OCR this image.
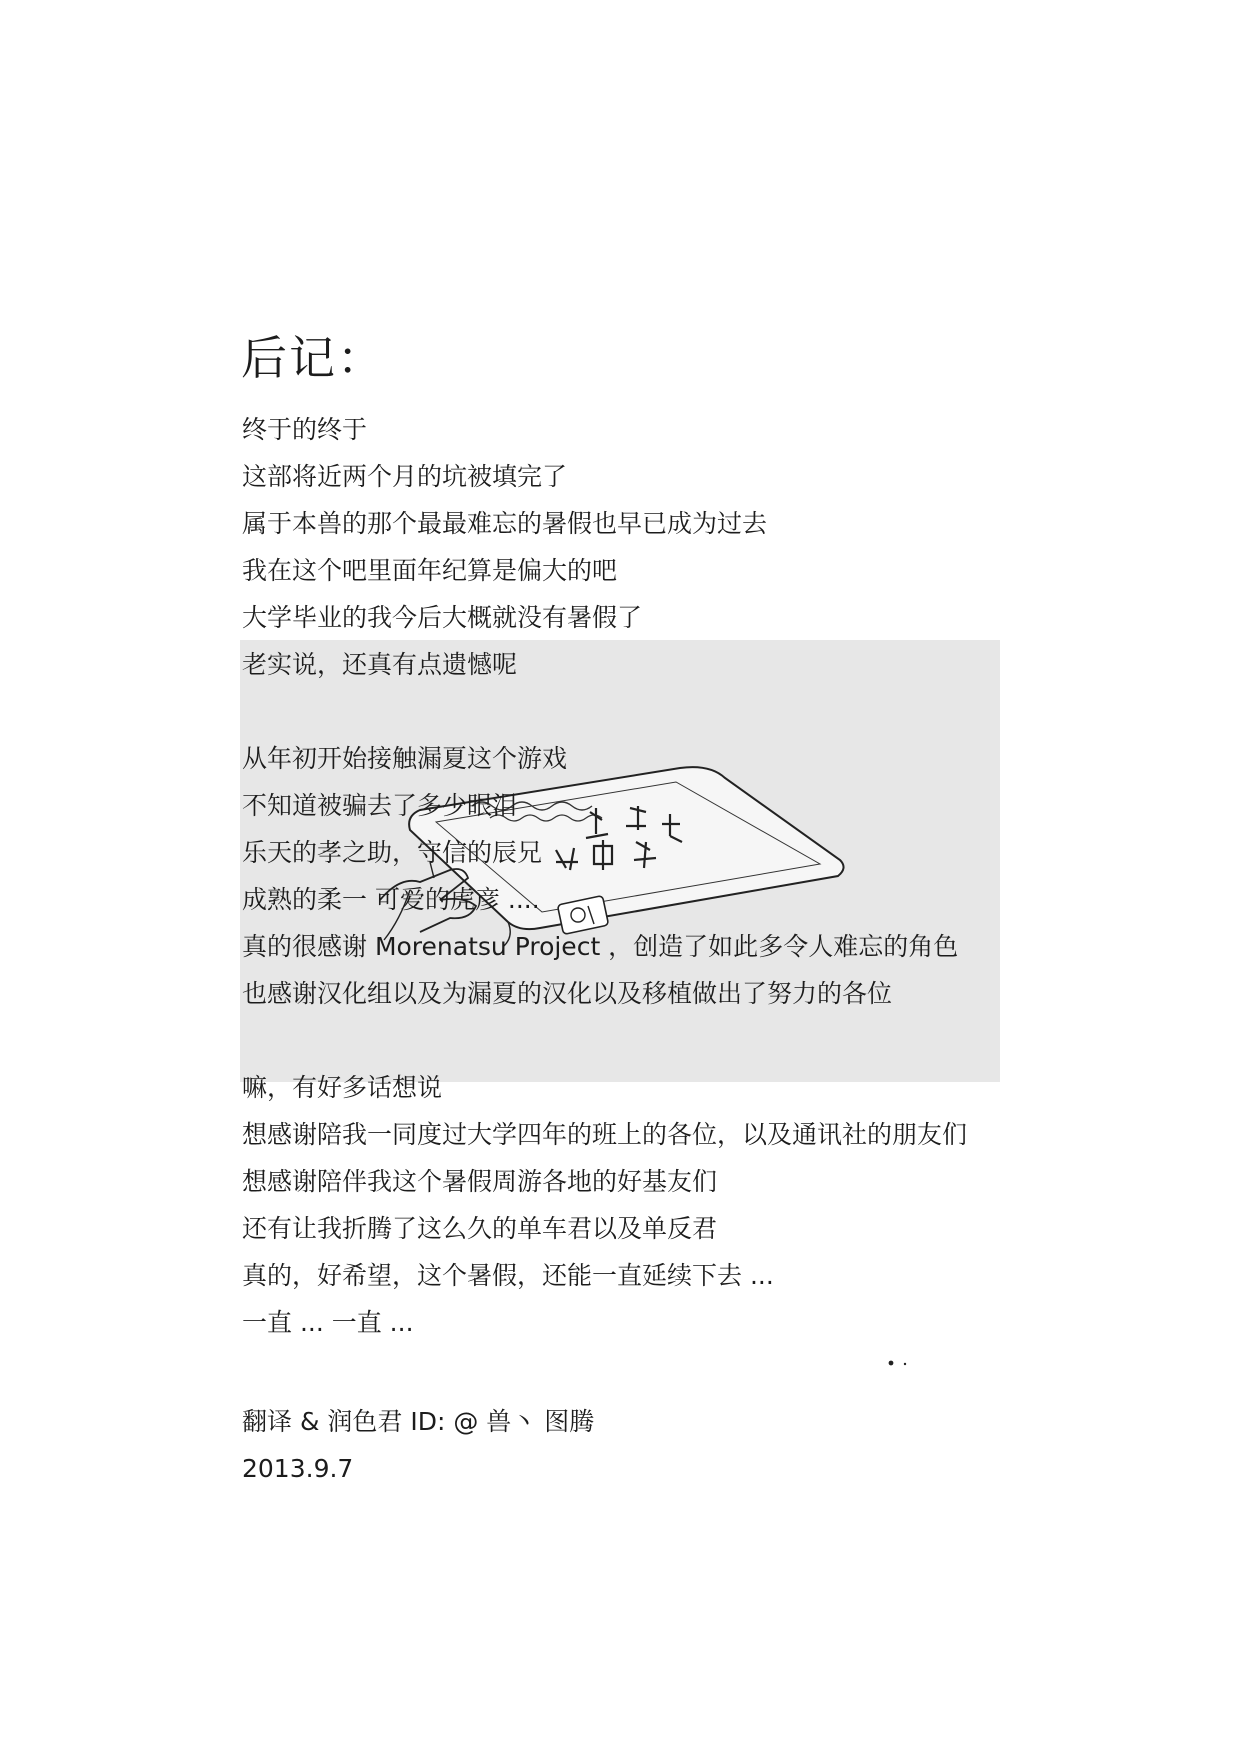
后记：
终于的终于
这部将近两个月的坑被填完了
属于本兽的那个最最难忘的暑假也早已成为过去
我在这个吧里面年纪算是偏大的吧
大学毕业的我今后大概就没有暑假了
老实说，还真有点遗憾呢
从年初开始接触漏夏这个游戏
不知道被骗去了多少眼泪
乐天的孝之助，守信的辰兄
成熟的柔一 可爱的虎彦 ....
真的很感谢 Morenatsu Project ，创造了如此多令人难忘的角色
也感谢汉化组以及为漏夏的汉化以及移植做出了努力的各位
嘛，有好多话想说
想感谢陪我一同度过大学四年的班上的各位，以及通讯社的朋友们
想感谢陪伴我这个暑假周游各地的好基友们
还有让我折腾了这么久的单车君以及单反君
真的，好希望，这个暑假，还能一直延续下去 ...
一直 ... 一直 ...
翻译 & 润色君 ID: @ 兽丶 图腾
2013.9.7
